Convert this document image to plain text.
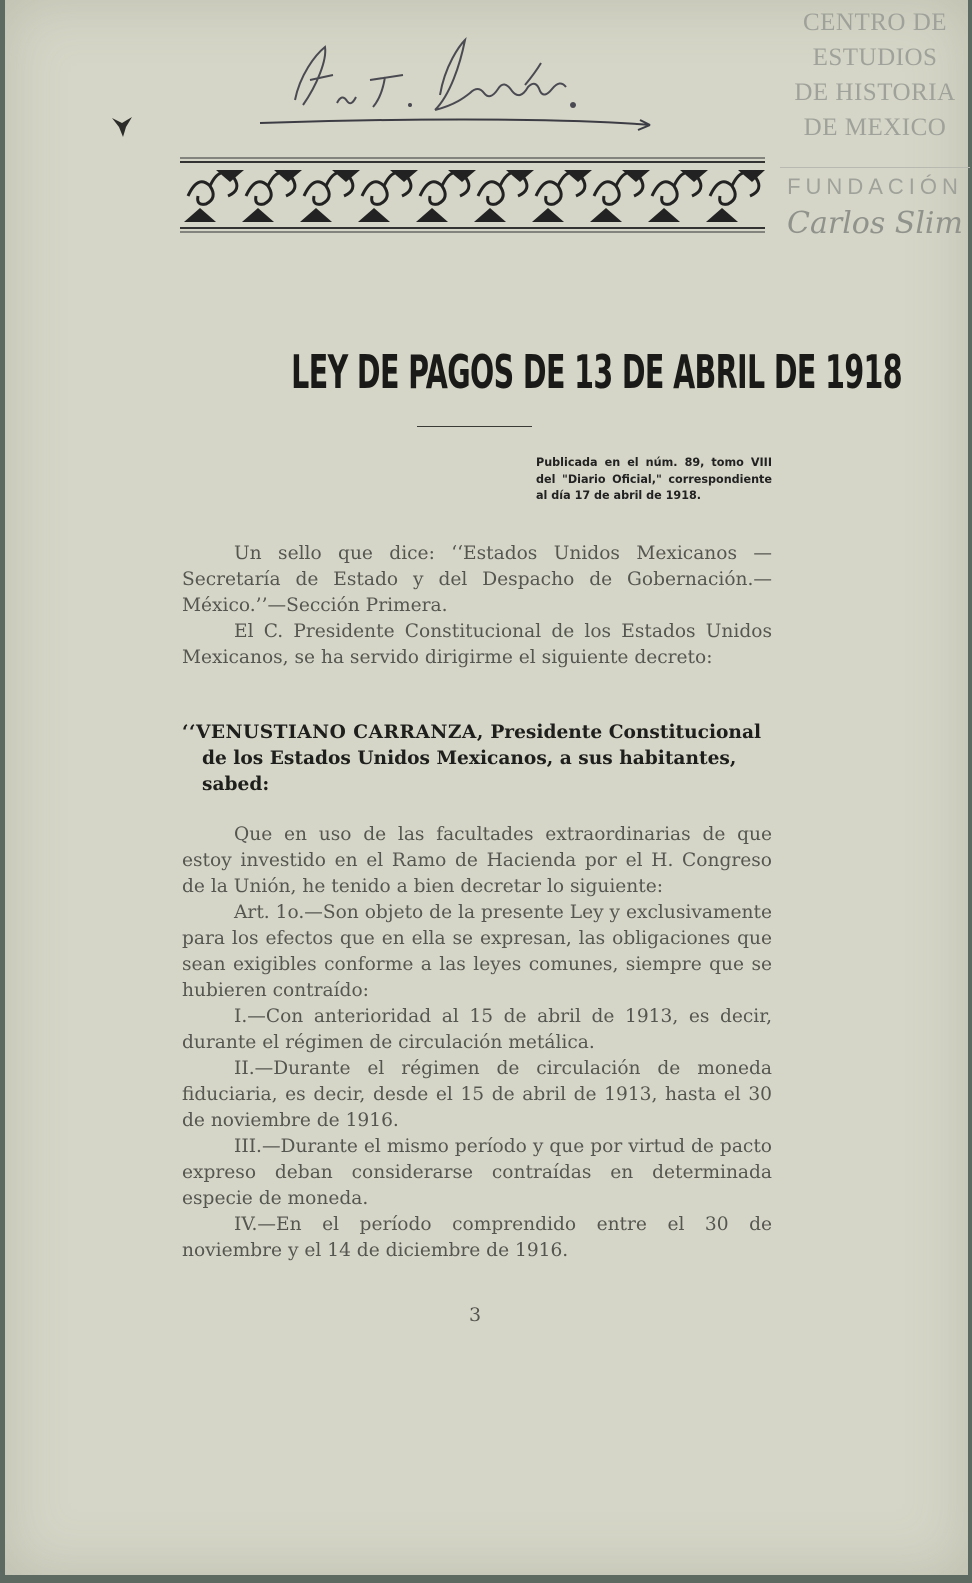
CENTRO DE
ESTUDIOS
DE HISTORIA
DE MEXICO
FUNDACIÓN
Carlos Slim
LEY DE PAGOS DE 13 DE ABRIL DE 1918
Publicada en el núm. 89, tomo VIII del "Diario Oficial," correspondiente al día 17 de abril de 1918.

Un sello que dice: ‘‘Estados Unidos Mexicanos —Secretaría de Estado y del Despacho de Gobernación.—México.’’—Sección Primera.

El C. Presidente Constitucional de los Estados Unidos Mexicanos, se ha servido dirigirme el siguiente decreto:

‘‘VENUSTIANO CARRANZA, Presidente Constitucional de los Estados Unidos Mexicanos, a sus habitantes, sabed:

Que en uso de las facultades extraordinarias de que estoy investido en el Ramo de Hacienda por el H. Congreso de la Unión, he tenido a bien decretar lo siguiente:

Art. 1o.—Son objeto de la presente Ley y exclusivamente para los efectos que en ella se expresan, las obligaciones que sean exigibles conforme a las leyes comunes, siempre que se hubieren contraído:

I.—Con anterioridad al 15 de abril de 1913, es decir, durante el régimen de circulación metálica.

II.—Durante el régimen de circulación de moneda fiduciaria, es decir, desde el 15 de abril de 1913, hasta el 30 de noviembre de 1916.

III.—Durante el mismo período y que por virtud de pacto expreso deban considerarse contraídas en determinada especie de moneda.

IV.—En el período comprendido entre el 30 de noviembre y el 14 de diciembre de 1916.

3
